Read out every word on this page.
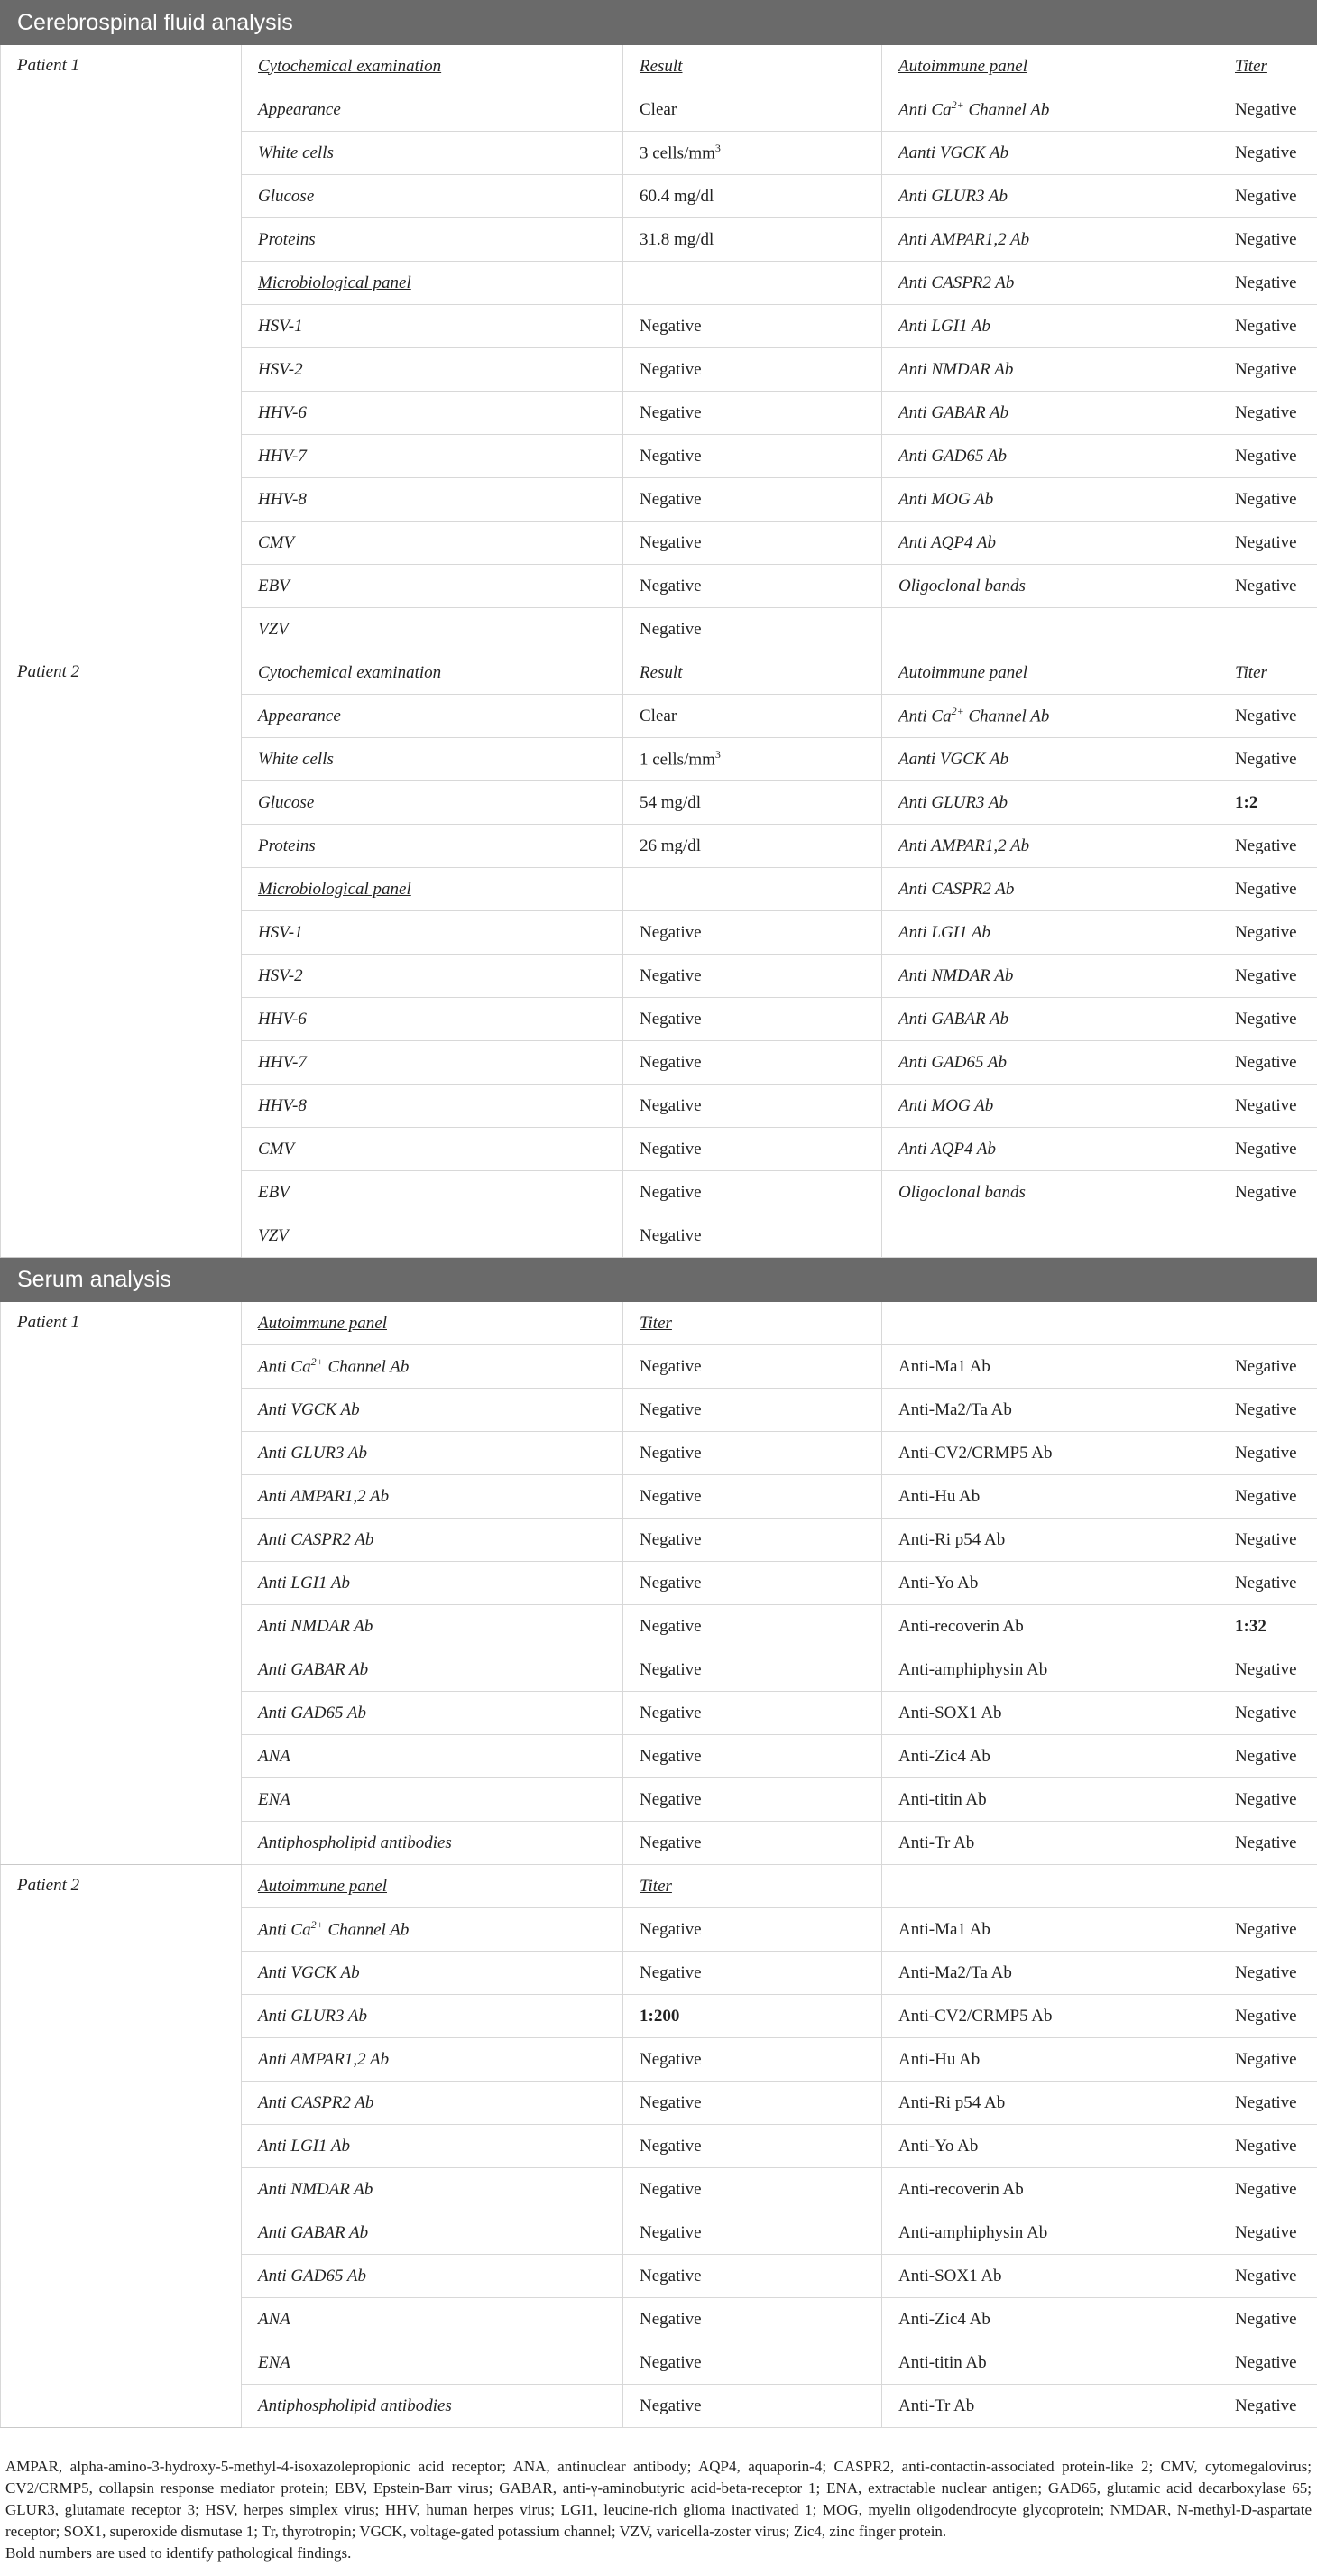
Cerebrospinal fluid analysis				
Patient 1	Cytochemical examination	Result	Autoimmune panel	Titer
	Appearance	Clear	Anti $Ca^{2+}$ Channel Ab	Negative
	White cells	3 cells/$mm^3$	Aanti VGCK Ab	Negative
	Glucose	60.4 mg/dl	Anti GLUR3 Ab	Negative
	Proteins	31.8 mg/dl	Anti AMPAR1,2 Ab	Negative
	Microbiological panel		Anti CASPR2 Ab	Negative
	HSV-1	Negative	Anti LGI1 Ab	Negative
	HSV-2	Negative	Anti NMDAR Ab	Negative
	HHV-6	Negative	Anti GABAR Ab	Negative
	HHV-7	Negative	Anti GAD65 Ab	Negative
	HHV-8	Negative	Anti MOG Ab	Negative
	CMV	Negative	Anti AQP4 Ab	Negative
	EBV	Negative	Oligoclonal bands	Negative
	VZV	Negative		
Patient 2	Cytochemical examination	Result	Autoimmune panel	Titer
	Appearance	Clear	Anti $Ca^{2+}$ Channel Ab	Negative
	White cells	1 cells/$mm^3$	Aanti VGCK Ab	Negative
	Glucose	54 mg/dl	Anti GLUR3 Ab	1:2
	Proteins	26 mg/dl	Anti AMPAR1,2 Ab	Negative
	Microbiological panel		Anti CASPR2 Ab	Negative
	HSV-1	Negative	Anti LGI1 Ab	Negative
	HSV-2	Negative	Anti NMDAR Ab	Negative
	HHV-6	Negative	Anti GABAR Ab	Negative
	HHV-7	Negative	Anti GAD65 Ab	Negative
	HHV-8	Negative	Anti MOG Ab	Negative
	CMV	Negative	Anti AQP4 Ab	Negative
	EBV	Negative	Oligoclonal bands	Negative
	VZV	Negative		
Serum analysis				
Patient 1	Autoimmune panel	Titer		
	Anti $Ca^{2+}$ Channel Ab	Negative	Anti-Ma1 Ab	Negative
	Anti VGCK Ab	Negative	Anti-Ma2/Ta Ab	Negative
	Anti GLUR3 Ab	Negative	Anti-CV2/CRMP5 Ab	Negative
	Anti AMPAR1,2 Ab	Negative	Anti-Hu Ab	Negative
	Anti CASPR2 Ab	Negative	Anti-Ri p54 Ab	Negative
	Anti LGI1 Ab	Negative	Anti-Yo Ab	Negative
	Anti NMDAR Ab	Negative	Anti-recoverin Ab	1:32
	Anti GABAR Ab	Negative	Anti-amphiphysin Ab	Negative
	Anti GAD65 Ab	Negative	Anti-SOX1 Ab	Negative
	ANA	Negative	Anti-Zic4 Ab	Negative
	ENA	Negative	Anti-titin Ab	Negative
	Antiphospholipid antibodies	Negative	Anti-Tr Ab	Negative
Patient 2	Autoimmune panel	Titer		
	Anti $Ca^{2+}$ Channel Ab	Negative	Anti-Ma1 Ab	Negative
	Anti VGCK Ab	Negative	Anti-Ma2/Ta Ab	Negative
	Anti GLUR3 Ab	1:200	Anti-CV2/CRMP5 Ab	Negative
	Anti AMPAR1,2 Ab	Negative	Anti-Hu Ab	Negative
	Anti CASPR2 Ab	Negative	Anti-Ri p54 Ab	Negative
	Anti LGI1 Ab	Negative	Anti-Yo Ab	Negative
	Anti NMDAR Ab	Negative	Anti-recoverin Ab	Negative
	Anti GABAR Ab	Negative	Anti-amphiphysin Ab	Negative
	Anti GAD65 Ab	Negative	Anti-SOX1 Ab	Negative
	ANA	Negative	Anti-Zic4 Ab	Negative
	ENA	Negative	Anti-titin Ab	Negative
	Antiphospholipid antibodies	Negative	Anti-Tr Ab	Negative

AMPAR, alpha-amino-3-hydroxy-5-methyl-4-isoxazolepropionic acid receptor; ANA, antinuclear antibody; AQP4, aquaporin-4; CASPR2, anti-contactin-associated protein-like 2; CMV, cytomegalovirus; CV2/CRMP5, collapsin response mediator protein; EBV, Epstein-Barr virus; GABAR, anti-γ-aminobutyric acid-beta-receptor 1; ENA, extractable nuclear antigen; GAD65, glutamic acid decarboxylase 65; GLUR3, glutamate receptor 3; HSV, herpes simplex virus; HHV, human herpes virus; LGI1, leucine-rich glioma inactivated 1; MOG, myelin oligodendrocyte glycoprotein; NMDAR, N-methyl-D-aspartate receptor; SOX1, superoxide dismutase 1; Tr, thyrotropin; VGCK, voltage-gated potassium channel; VZV, varicella-zoster virus; Zic4, zinc finger protein.

Bold numbers are used to identify pathological findings.
